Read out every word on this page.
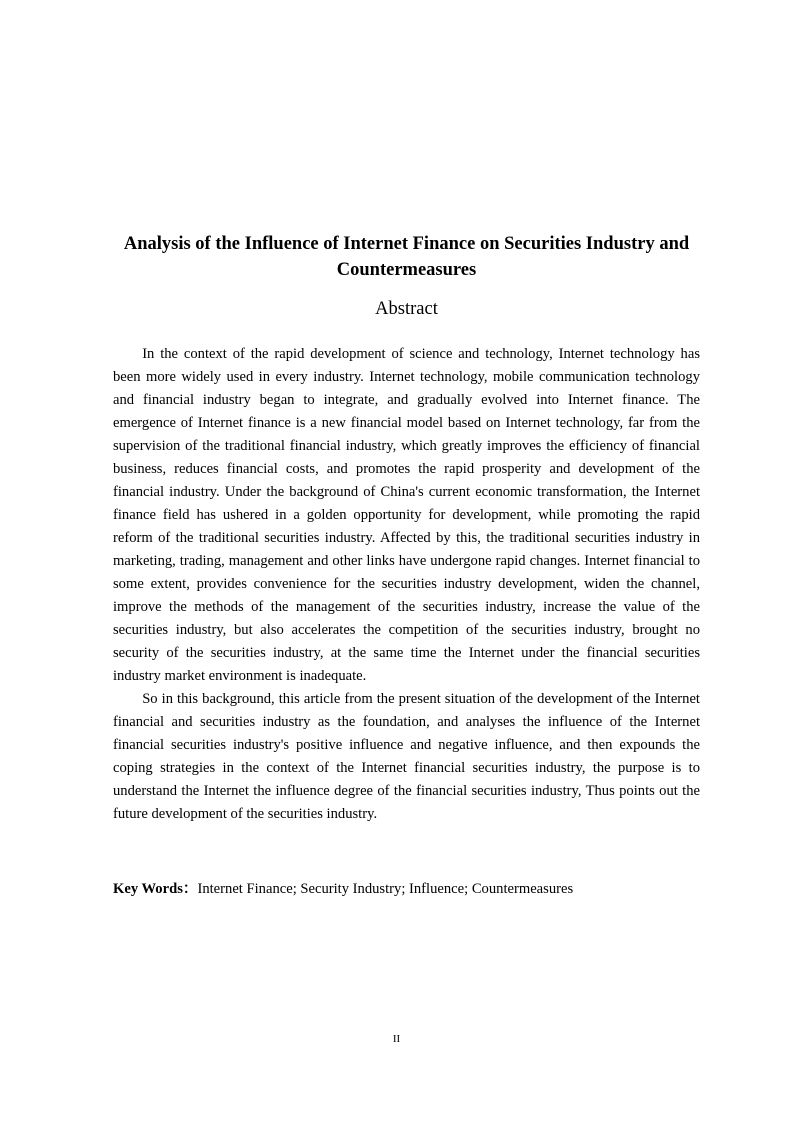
Analysis of the Influence of Internet Finance on Securities Industry and Countermeasures
Abstract

In the context of the rapid development of science and technology, Internet technology has been more widely used in every industry. Internet technology, mobile communication technology and financial industry began to integrate, and gradually evolved into Internet finance. The emergence of Internet finance is a new financial model based on Internet technology, far from the supervision of the traditional financial industry, which greatly improves the efficiency of financial business, reduces financial costs, and promotes the rapid prosperity and development of the financial industry. Under the background of China's current economic transformation, the Internet finance field has ushered in a golden opportunity for development, while promoting the rapid reform of the traditional securities industry. Affected by this, the traditional securities industry in marketing, trading, management and other links have undergone rapid changes. Internet financial to some extent, provides convenience for the securities industry development, widen the channel, improve the methods of the management of the securities industry, increase the value of the securities industry, but also accelerates the competition of the securities industry, brought no security of the securities industry, at the same time the Internet under the financial securities industry market environment is inadequate.

So in this background, this article from the present situation of the development of the Internet financial and securities industry as the foundation, and analyses the influence of the Internet financial securities industry's positive influence and negative influence, and then expounds the coping strategies in the context of the Internet financial securities industry, the purpose is to understand the Internet the influence degree of the financial securities industry, Thus points out the future development of the securities industry.

Key Words：Internet Finance; Security Industry; Influence; Countermeasures

II
